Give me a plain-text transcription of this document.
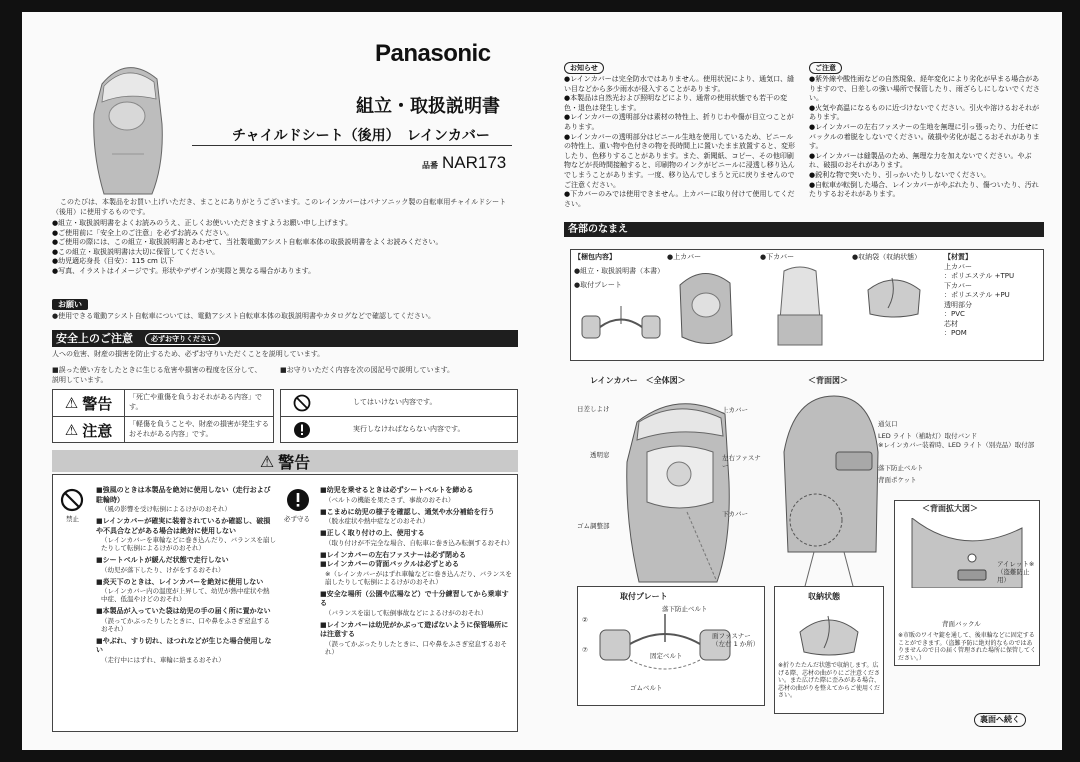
Panasonic
組立・取扱説明書
チャイルドシート（後用）　レインカバー
品番 NAR173
このたびは、本製品をお買い上げいただき、まことにありがとうございます。このレインカバーはパナソニック製の自転車用チャイルドシート（後用）に使用するものです。
●組立・取扱説明書をよくお読みのうえ、正しくお使いいただきますようお願い申し上げます。
●ご使用前に「安全上のご注意」を必ずお読みください。
●ご使用の際には、この組立・取扱説明書とあわせて、当社製電動アシスト自転車本体の取扱説明書をよくお読みください。
●この組立・取扱説明書は大切に保管してください。
●幼児適応身長（目安）：115 cm 以下
●写真、イラストはイメージです。形状やデザインが実際と異なる場合があります。
お願い
●使用できる電動アシスト自転車については、電動アシスト自転車本体の取扱説明書やカタログなどで確認してください。
安全上のご注意	必ずお守りください
人への危害、財産の損害を防止するため、必ずお守りいただくことを説明しています。
■誤った使い方をしたときに生じる危害や損害の程度を区分して、説明しています。
■お守りいただく内容を次の図記号で説明しています。
⚠ 警告	「死亡や重傷を負うおそれがある内容」です。
⚠ 注意	「軽傷を負うことや、財産の損害が発生するおそれがある内容」です。
してはいけない内容です。
実行しなければならない内容です。
⚠ 警告
禁止
■強風のときは本製品を絶対に使用しない（走行および駐輪時）
（風の影響を受け転倒によるけがのおそれ）
■レインカバーが確実に装着されているか確認し、破損や不具合などがある場合は絶対に使用しない
（レインカバーを車輪などに巻き込んだり、バランスを崩したりして転倒によるけがのおそれ）
■シートベルトが緩んだ状態で走行しない
（幼児が落下したり、けがをするおそれ）
■炎天下のときは、レインカバーを絶対に使用しない
（レインカバー内の温度が上昇して、幼児が熱中症状や熱中症、低温やけどのおそれ）
■本製品が入っていた袋は幼児の手の届く所に置かない
（誤ってかぶったりしたときに、口や鼻をふさぎ窒息するおそれ）
■やぶれ、すり切れ、ほつれなどが生じた場合使用しない
（走行中にはずれ、車輪に絡まるおそれ）
必ず守る
■幼児を乗せるときは必ずシートベルトを締める
（ベルトの機能を果たさず、事故のおそれ）
■こまめに幼児の様子を確認し、通気や水分補給を行う
（脱水症状や熱中症などのおそれ）
■正しく取り付けの上、使用する
（取り付けが不完全な場合、自転車に巻き込み転倒するおそれ）
■レインカバーの左右ファスナーは必ず閉める
■レインカバーの背面バックルは必ずとめる
※（レインカバーがはずれ車輪などに巻き込んだり、バランスを崩したりして転倒によるけがのおそれ）
■安全な場所（公園や広場など）で十分練習してから乗車する
（バランスを崩して転倒事故などによるけがのおそれ）
■レインカバーは幼児がかぶって遊ばないように保管場所には注意する
（誤ってかぶったりしたときに、口や鼻をふさぎ窒息するおそれ）
お知らせ
●レインカバーは完全防水ではありません。使用状況により、通気口、縫い目などから多少雨水が侵入することがあります。
●本製品は自然光および照明などにより、通常の使用状態でも若干の変色・退色は発生します。
●レインカバーの透明部分は素材の特性上、折りじわや傷が目立つことがあります。
●レインカバーの透明部分はビニール生地を使用しているため、ビニールの特性上、重い物や色付きの物を長時間上に置いたまま放置すると、変形したり、色移りすることがあります。また、新聞紙、コピー、その他印刷物などが長時間接触すると、印刷物のインクがビニールに浸透し移り込んでしまうことがあります。一度、移り込んでしまうと元に戻りませんのでご注意ください。
●下カバーのみでは使用できません。上カバーに取り付けて使用してください。
ご注意
●紫外線や酸性雨などの自然現象、経年変化により劣化が早まる場合がありますので、日差しの強い場所で保管したり、雨ざらしにしないでください。
●火気や高温になるものに近づけないでください。引火や溶けるおそれがあります。
●レインカバーの左右ファスナーの生地を無理に引っ張ったり、力任せにバックルの着脱をしないでください。破損や劣化が起こるおそれがあります。
●レインカバーは縫製品のため、無理な力を加えないでください。やぶれ、破損のおそれがあります。
●鋭利な物で突いたり、引っかいたりしないでください。
●自転車が転倒した場合、レインカバーがやぶれたり、傷ついたり、汚れたりするおそれがあります。
各部のなまえ
【梱包内容】
●組立・取扱説明書（本書）
●取付プレート
●上カバー	●下カバー	●収納袋（収納状態）	【材質】
上カバー
：ポリエステル +TPU
下カバー
：ポリエステル +PU
透明部分
：PVC
芯材
：POM
レインカバー　＜全体図＞
日差しよけ	上カバー
透明窓	左右ファスナー
下カバー
ゴム調整部
＜背面図＞
通気口
LED ライト（補助灯）取付バンド
※レインカバー装着時、LED ライト（別売品）取付部
落下防止ベルト
背面ポケット
＜背面拡大図＞
アイレット※（盗難防止用）
背面バックル
※市販のワイヤ錠を通して、後車輪などに固定することができます。（盗難予防に絶対的なものではありませんので日の届く管理された場所に保管してください。）
取付プレート
落下防止ベルト
固定ベルト
面ファスナー（左右 1 か所）
ゴムベルト
②
⑦
収納状態
※折りたたんだ状態で収納します。広げる際、芯材の曲がりにご注意ください。また広げた際に歪みがある場合、芯材の曲がりを整えてからご使用ください。
裏面へ続く
